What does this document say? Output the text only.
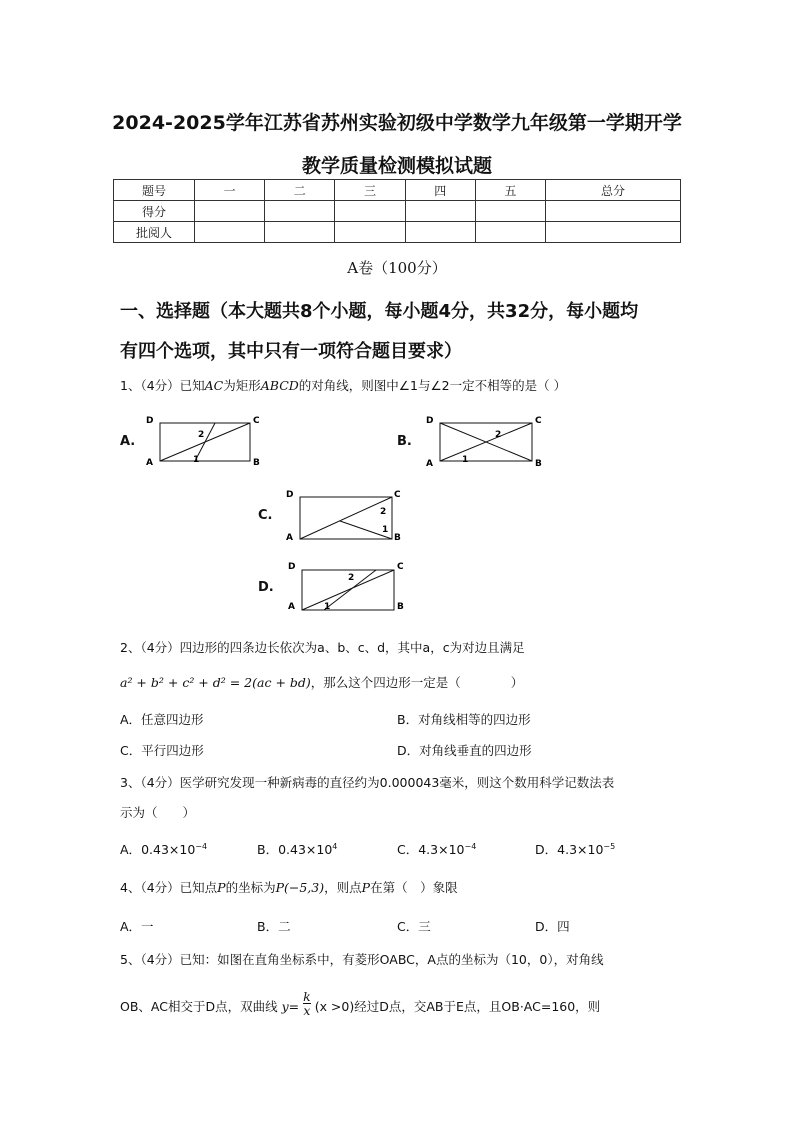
2024-2025学年江苏省苏州实验初级中学数学九年级第一学期开学
教学质量检测模拟试题
题号	一	二	三	四	五	总分
得分						
批阅人						
A卷（100分）
一、选择题（本大题共8个小题，每小题4分，共32分，每小题均
有四个选项，其中只有一项符合题目要求）
1、（4分）已知AC为矩形ABCD的对角线，则图中∠1与∠2一定不相等的是（ ）
A.
D	C
A	B
2
1
B.
D	C
A	B
2
1
C.
D	C
A	B
2
1
D.
D	C
A	B
2
1
2、（4分）四边形的四条边长依次为a、b、c、d，其中a，c为对边且满足
a² + b² + c² + d² = 2(ac + bd)，那么这个四边形一定是（　　　　）
A．任意四边形	B．对角线相等的四边形
C．平行四边形	D．对角线垂直的四边形
3、（4分）医学研究发现一种新病毒的直径约为0.000043毫米，则这个数用科学记数法表
示为（　　）
A．$0.43\times 10^{-4}$	B．$0.43\times 10^4$	C．$4.3\times 10^{-4}$	D．$4.3\times 10^{-5}$
4、（4分）已知点P的坐标为P(−5,3)，则点P在第（　）象限
A．一	B．二	C．三	D．四
5、（4分）已知：如图在直角坐标系中，有菱形OABC，A点的坐标为（10，0），对角线
OB、AC相交于D点，双曲线 $y= \frac{k}{x} (x >0)$经过D点，交AB于E点，且OB·AC=160，则
